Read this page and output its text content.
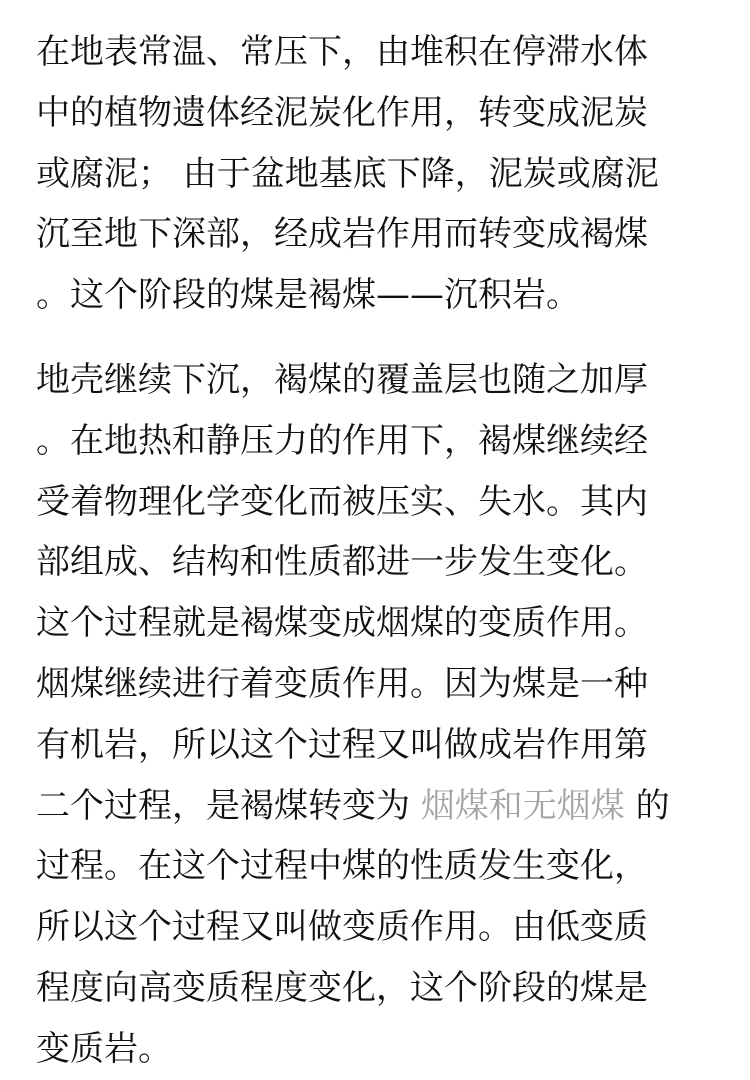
在地表常温、常压下，由堆积在停滞水体
中的植物遗体经泥炭化作用，转变成泥炭
或腐泥； 由于盆地基底下降，泥炭或腐泥
沉至地下深部，经成岩作用而转变成褐煤
。这个阶段的煤是褐煤——沉积岩。

地壳继续下沉，褐煤的覆盖层也随之加厚
。在地热和静压力的作用下，褐煤继续经
受着物理化学变化而被压实、失水。其内
部组成、结构和性质都进一步发生变化。
这个过程就是褐煤变成烟煤的变质作用。
烟煤继续进行着变质作用。因为煤是一种
有机岩，所以这个过程又叫做成岩作用第
二个过程，是褐煤转变为 烟煤和无烟煤 的
过程。在这个过程中煤的性质发生变化，
所以这个过程又叫做变质作用。由低变质
程度向高变质程度变化，这个阶段的煤是
变质岩。
